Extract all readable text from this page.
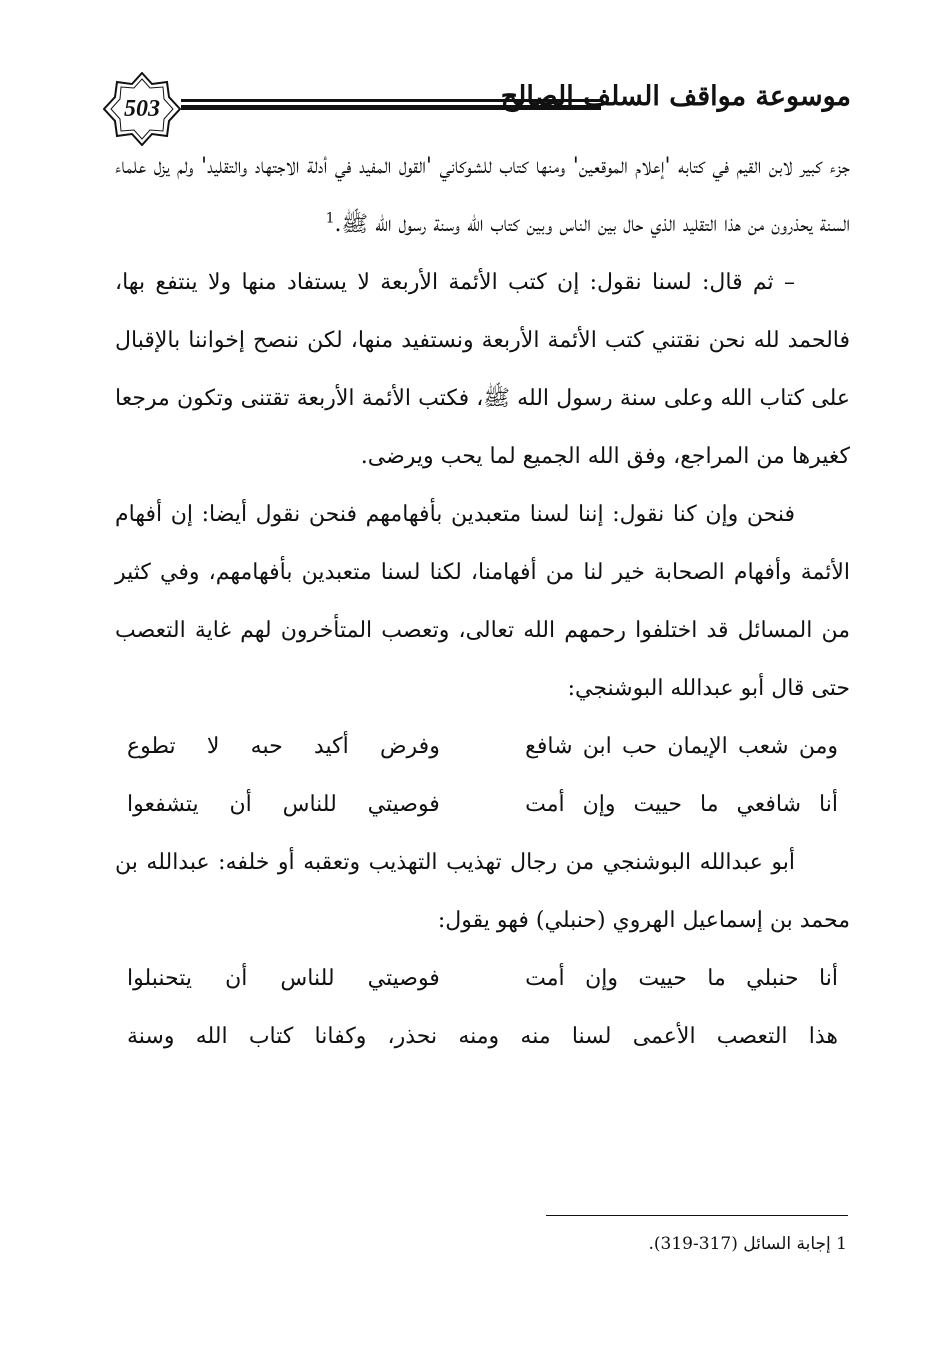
503	موسوعة مواقف السلف الصالح

جزء كبير لابن القيم في كتابه 'إعلام الموقعين' ومنها كتاب للشوكاني 'القول المفيد في أدلة الاجتهاد والتقليد' ولم يزل علماء السنة يحذرون من هذا التقليد الذي حال بين الناس وبين كتاب الله وسنة رسول الله ﷺ.$^1$

– ثم قال: لسنا نقول: إن كتب الأئمة الأربعة لا يستفاد منها ولا ينتفع بها، فالحمد لله نحن نقتني كتب الأئمة الأربعة ونستفيد منها، لكن ننصح إخواننا بالإقبال على كتاب الله وعلى سنة رسول الله ﷺ، فكتب الأئمة الأربعة تقتنى وتكون مرجعا كغيرها من المراجع، وفق الله الجميع لما يحب ويرضى.

فنحن وإن كنا نقول: إننا لسنا متعبدين بأفهامهم فنحن نقول أيضا: إن أفهام الأئمة وأفهام الصحابة خير لنا من أفهامنا، لكنا لسنا متعبدين بأفهامهم، وفي كثير من المسائل قد اختلفوا رحمهم الله تعالى، وتعصب المتأخرون لهم غاية التعصب حتى قال أبو عبدالله البوشنجي:

ومن شعب الإيمان حب ابن شافع
وفرض أكيد حبه لا تطوع
أنا شافعي ما حييت وإن أمت
فوصيتي للناس أن يتشفعوا

أبو عبدالله البوشنجي من رجال تهذيب التهذيب وتعقبه أو خلفه: عبدالله بن محمد بن إسماعيل الهروي (حنبلي) فهو يقول:

أنا حنبلي ما حييت وإن أمت
فوصيتي للناس أن يتحنبلوا
هذا التعصب الأعمى لسنا منه ومنه نحذر، وكفانا كتاب الله وسنة
1 إجابة السائل (317-319).
